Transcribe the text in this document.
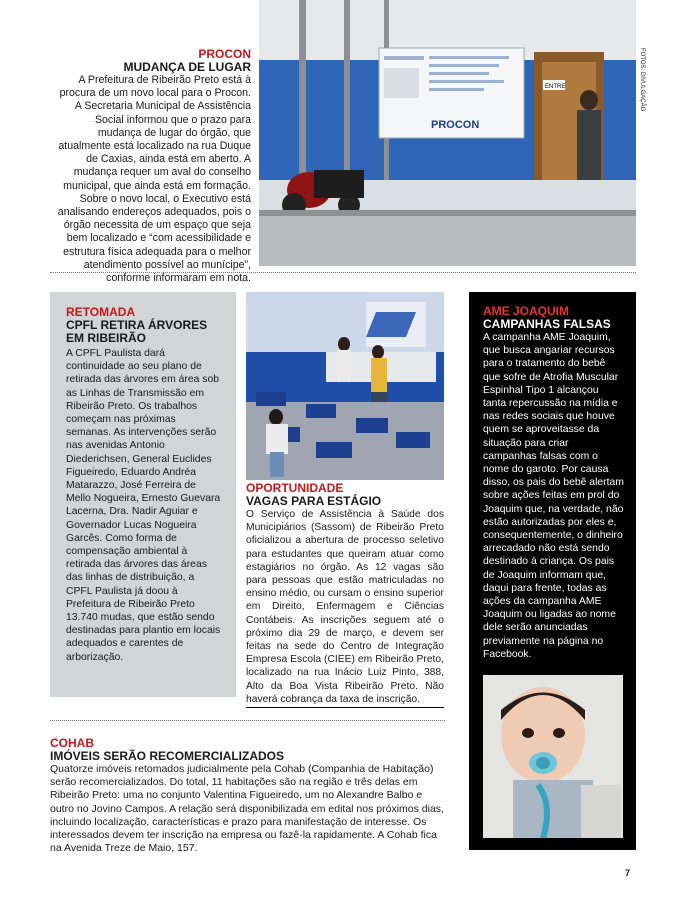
PROCON
ENTRE	FOTOS: DIVULGAÇÃO
PROCON
MUDANÇA DE LUGAR
A Prefeitura de Ribeirão Preto está à procura de um novo local para o Procon. A Secretaria Municipal de Assistência Social informou que o prazo para mudança de lugar do órgão, que atualmente está localizado na rua Duque de Caxias, ainda está em aberto. A mudança requer um aval do conselho municipal, que ainda está em formação. Sobre o novo local, o Executivo está analisando endereços adequados, pois o órgão necessita de um espaço que seja bem localizado e “com acessibilidade e estrutura física adequada para o melhor atendimento possível ao munícipe”, conforme informaram em nota.
RETOMADA
CPFL RETIRA ÁRVORES EM RIBEIRÃO
A CPFL Paulista dará continuidade ao seu plano de retirada das árvores em área sob as Linhas de Transmissão em Ribeirão Preto. Os trabalhos começam nas próximas semanas. As intervenções serão nas avenidas Antonio Diederichsen, General Euclides Figueiredo, Eduardo Andréa Matarazzo, José Ferreira de Mello Nogueira, Ernesto Guevara Lacerna, Dra. Nadir Aguiar e Governador Lucas Nogueira Garcês. Como forma de compensação ambiental à retirada das árvores das áreas das linhas de distribuição, a CPFL Paulista já doou à Prefeitura de Ribeirão Preto 13.740 mudas, que estão sendo destinadas para plantio em locais adequados e carentes de arborização.
OPORTUNIDADE
VAGAS PARA ESTÁGIO
O Serviço de Assistência à Saúde dos Municipiários (Sassom) de Ribeirão Preto oficializou a abertura de processo seletivo para estudantes que queiram atuar como estagiários no órgão. As 12 vagas são para pessoas que estão matriculadas no ensino médio, ou cursam o ensino superior em Direito, Enfermagem e Ciências Contábeis. As inscrições seguem até o próximo dia 29 de março, e devem ser feitas na sede do Centro de Integração Empresa Escola (CIEE) em Ribeirão Preto, localizado na rua Inácio Luiz Pinto, 388, Alto da Boa Vista Ribeirão Preto. Não haverá cobrança da taxa de inscrição.
AME JOAQUIM
CAMPANHAS FALSAS
A campanha AME Joaquim, que busca angariar recursos para o tratamento do bebê que sofre de Atrofia Muscular Espinhal Tipo 1 alcançou tanta repercussão na mídia e nas redes sociais que houve quem se aproveitasse da situação para criar campanhas falsas com o nome do garoto. Por causa disso, os pais do bebê alertam sobre ações feitas em prol do Joaquim que, na verdade, não estão autorizadas por eles e, consequentemente, o dinheiro arrecadado não está sendo destinado à criança. Os pais de Joaquim informam que, daqui para frente, todas as ações da campanha AME Joaquim ou ligadas ao nome dele serão anunciadas previamente na página no Facebook.
COHAB
IMÓVEIS SERÃO RECOMERCIALIZADOS
Quatorze imóveis retomados judicialmente pela Cohab (Companhia de Habitação) serão recomercializados. Do total, 11 habitações são na região e três delas em Ribeirão Preto: uma no conjunto Valentina Figueiredo, um no Alexandre Balbo e outro no Jovino Campos. A relação será disponibilizada em edital nos próximos dias, incluindo localização, características e prazo para manifestação de interesse. Os interessados devem ter inscrição na empresa ou fazê-la rapidamente. A Cohab fica na Avenida Treze de Maio, 157.
7
